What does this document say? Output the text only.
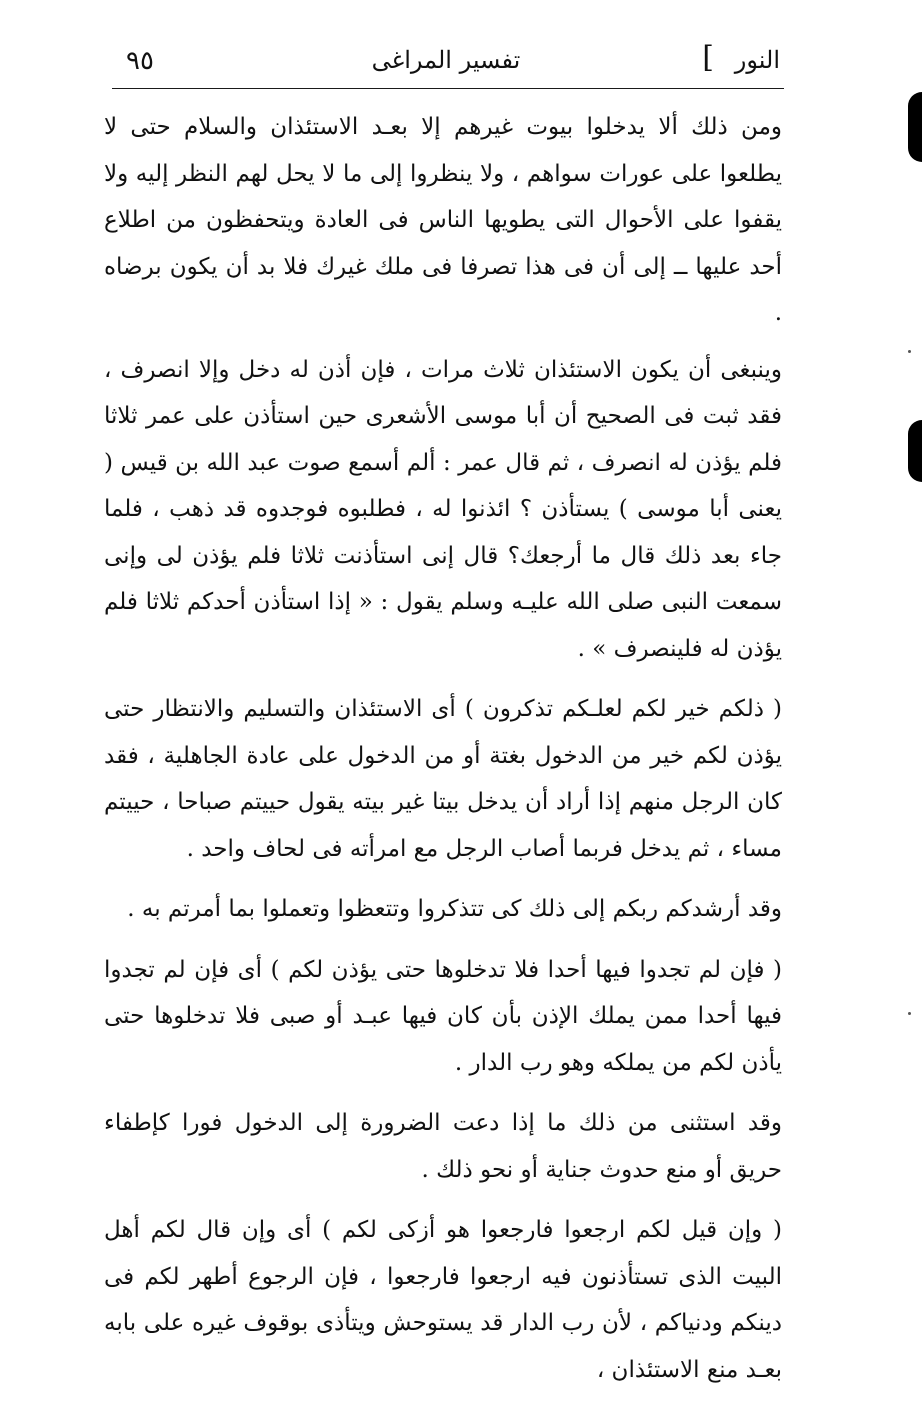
النور
]
تفسير المراغى
٩٥

ومن ذلك ألا يدخلوا بيوت غيرهم إلا بعـد الاستئذان والسلام حتى لا يطلعوا على عورات سواهم ، ولا ينظروا إلى ما لا يحل لهم النظر إليه ولا يقفوا على الأحوال التى يطويها الناس فى العادة ويتحفظون من اطلاع أحد عليها ــ إلى أن فى هذا تصرفا فى ملك غيرك فلا بد أن يكون برضاه .

وينبغى أن يكون الاستئذان ثلاث مرات ، فإن أذن له دخل وإلا انصرف ، فقد ثبت فى الصحيح أن أبا موسى الأشعرى حين استأذن على عمر ثلاثا فلم يؤذن له انصرف ، ثم قال عمر : ألم أسمع صوت عبد الله بن قيس ( يعنى أبا موسى ) يستأذن ؟ ائذنوا له ، فطلبوه فوجدوه قد ذهب ، فلما جاء بعد ذلك قال ما أرجعك؟ قال إنى استأذنت ثلاثا فلم يؤذن لى وإنى سمعت النبى صلى الله عليـه وسلم يقول : « إذا استأذن أحدكم ثلاثا فلم يؤذن له فلينصرف » .

( ذلكم خير لكم لعلـكم تذكرون ) أى الاستئذان والتسليم والانتظار حتى يؤذن لكم خير من الدخول بغتة أو من الدخول على عادة الجاهلية ، فقد كان الرجل منهم إذا أراد أن يدخل بيتا غير بيته يقول حييتم صباحا ، حييتم مساء ، ثم يدخل فربما أصاب الرجل مع امرأته فى لحاف واحد .

وقد أرشدكم ربكم إلى ذلك كى تتذكروا وتتعظوا وتعملوا بما أمرتم به .

( فإن لم تجدوا فيها أحدا فلا تدخلوها حتى يؤذن لكم ) أى فإن لم تجدوا فيها أحدا ممن يملك الإذن بأن كان فيها عبـد أو صبى فلا تدخلوها حتى يأذن لكم من يملكه وهو رب الدار .

وقد استثنى من ذلك ما إذا دعت الضرورة إلى الدخول فورا كإطفاء حريق أو منع حدوث جناية أو نحو ذلك .

( وإن قيل لكم ارجعوا فارجعوا هو أزكى لكم ) أى وإن قال لكم أهل البيت الذى تستأذنون فيه ارجعوا فارجعوا ، فإن الرجوع أطهر لكم فى دينكم ودنياكم ، لأن رب الدار قد يستوحش ويتأذى بوقوف غيره على بابه بعـد منع الاستئذان ،
